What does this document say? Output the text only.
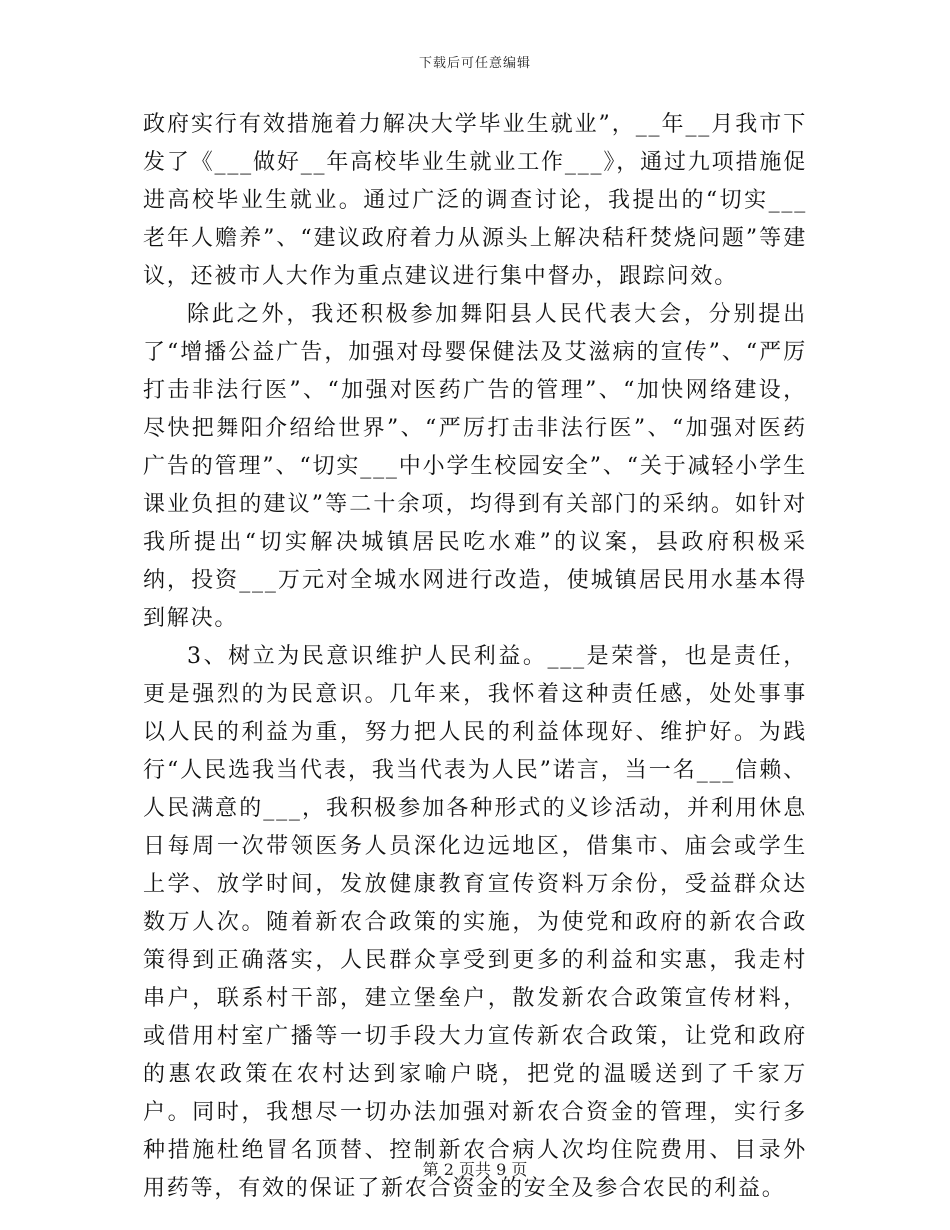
下载后可任意编辑

政府实行有效措施着力解决大学毕业生就业”，__年__月我市下发了《___做好__年高校毕业生就业工作___》，通过九项措施促进高校毕业生就业。通过广泛的调查讨论，我提出的“切实___老年人赡养”、“建议政府着力从源头上解决秸秆焚烧问题”等建议，还被市人大作为重点建议进行集中督办，跟踪问效。

除此之外，我还积极参加舞阳县人民代表大会，分别提出了“增播公益广告，加强对母婴保健法及艾滋病的宣传”、“严厉打击非法行医”、“加强对医药广告的管理”、“加快网络建设，尽快把舞阳介绍给世界”、“严厉打击非法行医”、“加强对医药广告的管理”、“切实___中小学生校园安全”、“关于减轻小学生课业负担的建议”等二十余项，均得到有关部门的采纳。如针对我所提出“切实解决城镇居民吃水难”的议案，县政府积极采纳，投资___万元对全城水网进行改造，使城镇居民用水基本得到解决。

3、树立为民意识维护人民利益。___是荣誉，也是责任，更是强烈的为民意识。几年来，我怀着这种责任感，处处事事以人民的利益为重，努力把人民的利益体现好、维护好。为践行“人民选我当代表，我当代表为人民”诺言，当一名___信赖、人民满意的___，我积极参加各种形式的义诊活动，并利用休息日每周一次带领医务人员深化边远地区，借集市、庙会或学生上学、放学时间，发放健康教育宣传资料万余份，受益群众达数万人次。随着新农合政策的实施，为使党和政府的新农合政策得到正确落实，人民群众享受到更多的利益和实惠，我走村串户，联系村干部，建立堡垒户，散发新农合政策宣传材料，或借用村室广播等一切手段大力宣传新农合政策，让党和政府的惠农政策在农村达到家喻户晓，把党的温暖送到了千家万户。同时，我想尽一切办法加强对新农合资金的管理，实行多种措施杜绝冒名顶替、控制新农合病人次均住院费用、目录外用药等，有效的保证了新农合资金的安全及参合农民的利益。

第 2 页共 9 页
